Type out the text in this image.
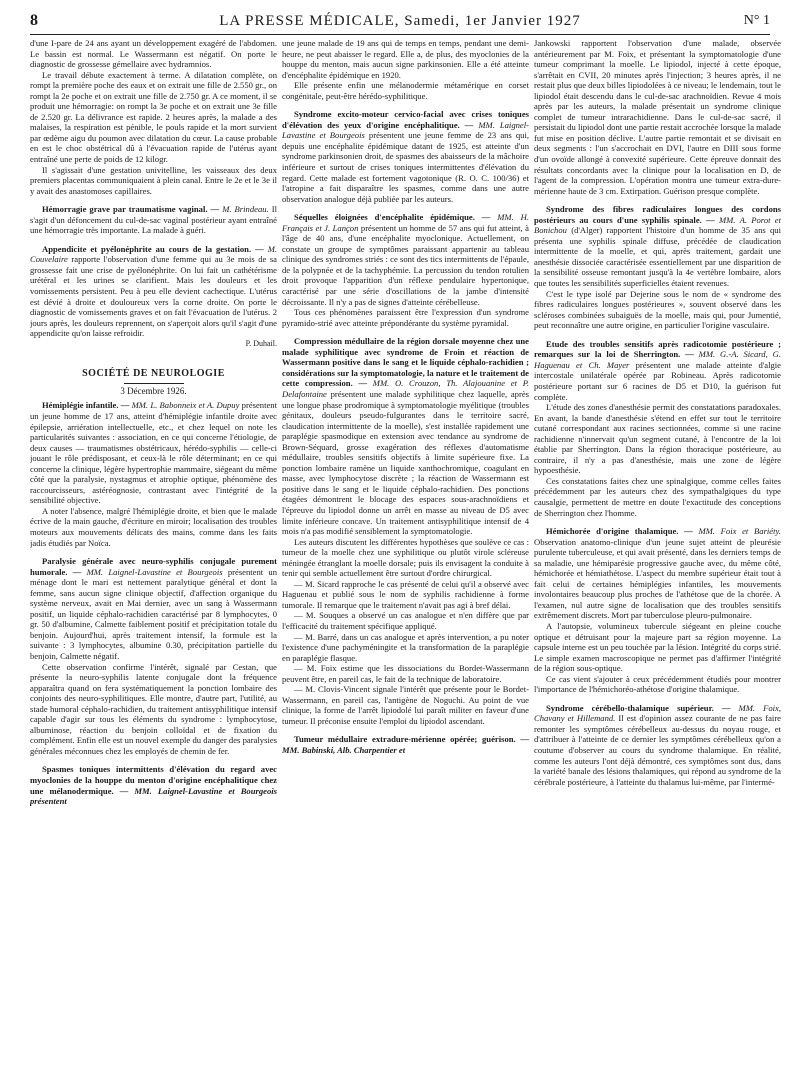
8	LA PRESSE MÉDICALE, Samedi, 1er Janvier 1927	N° 1

d'une I-pare de 24 ans ayant un développement exagéré de l'abdomen. Le bassin est normal. Le Wassermann est négatif. On porte le diagnostic de grossesse gémellaire avec hydramnios.

Le travail débute exactement à terme. A dilatation complète, on rompt la première poche des eaux et on extrait une fille de 2.550 gr., on rompt la 2e poche et on extrait une fille de 2.750 gr. A ce moment, il se produit une hémorragie: on rompt la 3e poche et on extrait une 3e fille de 2.520 gr. La délivrance est rapide. 2 heures après, la malade a des malaises, la respiration est pénible, le pouls rapide et la mort survient par œdème aigu du poumon avec dilatation du cœur. La cause probable en est le choc obstétrical dû à l'évacuation rapide de l'utérus ayant entraîné une perte de poids de 12 kilogr.

Il s'agissait d'une gestation univitelline, les vaisseaux des deux premiers placentas communiquaient à plein canal. Entre le 2e et le 3e il y avait des anastomoses capillaires.

Hémorragie grave par traumatisme vaginal. — M. Brindeau. Il s'agit d'un défoncement du cul-de-sac vaginal postérieur ayant entraîné une hémorragie très importante. La malade à guéri.

Appendicite et pyélonéphrite au cours de la gestation. — M. Couvelaire rapporte l'observation d'une femme qui au 3e mois de sa grossesse fait une crise de pyélonéphrite. On lui fait un cathétérisme urétéral et les urines se clarifient. Mais les douleurs et les vomissements persistent. Peu à peu elle devient cachectique. L'utérus est dévié à droite et douloureux vers la corne droite. On porte le diagnostic de vomissements graves et on fait l'évacuation de l'utérus. 2 jours après, les douleurs reprennent, on s'aperçoit alors qu'il s'agit d'une appendicite qu'on laisse refroidir.

P. Duhail.
SOCIÉTÉ DE NEUROLOGIE
3 Décembre 1926.

Hémiplégie infantile. — MM. L. Babonneix et A. Dupuy présentent un jeune homme de 17 ans, atteint d'hémiplégie infantile droite avec épilepsie, arriération intellectuelle, etc., et chez lequel on note les particularités suivantes : association, en ce qui concerne l'étiologie, de deux causes — traumatismes obstétricaux, hérédo-syphilis — celle-ci jouant le rôle prédisposant, et ceux-là le rôle déterminant; en ce qui concerne la clinique, légère hypertrophie mammaire, siégeant du même côté que la paralysie, nystagmus et atrophie optique, phénomène des raccourcisseurs, astéréognosie, contrastant avec l'intégrité de la sensibilité objective.

A noter l'absence, malgré l'hémiplégie droite, et bien que le malade écrive de la main gauche, d'écriture en miroir; localisation des troubles moteurs aux mouvements délicats des mains, comme dans les faits jadis étudiés par Noïca.

Paralysie générale avec neuro-syphilis conjugale purement humorale. — MM. Laignel-Lavastine et Bourgeois présentent un ménage dont le mari est nettement paralytique général et dont la femme, sans aucun signe clinique objectif, d'affection organique du système nerveux, avait en Mai dernier, avec un sang à Wassermann positif, un liquide céphalo-rachidien caractérisé par 8 lymphocytes, 0 gr. 50 d'albumine, Calmette faiblement positif et précipitation totale du benjoin. Aujourd'hui, après traitement intensif, la formule est la suivante : 3 lymphocytes, albumine 0.30, précipitation partielle du benjoin, Calmette négatif.

Cette observation confirme l'intérêt, signalé par Cestan, que présente la neuro-syphilis latente conjugale dont la fréquence apparaîtra quand on fera systématiquement la ponction lombaire des conjoints des neuro-syphilitiques. Elle montre, d'autre part, l'utilité, au stade humoral céphalo-rachidien, du traitement antisyphilitique intensif capable d'agir sur tous les éléments du syndrome : lymphocytose, albuminose, réaction du benjoin colloïdal et de fixation du complément. Enfin elle est un nouvel exemple du danger des paralysies générales méconnues chez les employés de chemin de fer.

Spasmes toniques intermittents d'élévation du regard avec myoclonies de la houppe du menton d'origine encéphalitique chez une mélanodermique. — MM. Laignel-Lavastine et Bourgeois présentent

une jeune malade de 19 ans qui de temps en temps, pendant une demi-heure, ne peut abaisser le regard. Elle a, de plus, des myoclonies de la houppe du menton, mais aucun signe parkinsonien. Elle a été atteinte d'encéphalite épidémique en 1920.

Elle présente enfin une mélanodermie métamérique en corset congénitale, peut-être hérédo-syphilitique.

Syndrome excito-moteur cervico-facial avec crises toniques d'élévation des yeux d'origine encéphalitique. — MM. Laignel-Lavastine et Bourgeois présentent une jeune femme de 23 ans qui, depuis une encéphalite épidémique datant de 1925, est atteinte d'un syndrome parkinsonien droit, de spasmes des abaisseurs de la mâchoire inférieure et surtout de crises toniques intermittentes d'élévation du regard. Cette malade est fortement vagotonique (R. O. C. 100/36) et l'atropine a fait disparaître les spasmes, comme dans une autre observation analogue déjà publiée par les auteurs.

Séquelles éloignées d'encéphalite épidémique. — MM. H. Français et J. Lançon présentent un homme de 57 ans qui fut atteint, à l'âge de 40 ans, d'une encéphalite myoclonique. Actuellement, on constate un groupe de symptômes paraissant appartenir au tableau clinique des syndromes striés : ce sont des tics intermittents de l'épaule, de la polypnée et de la tachyphémie. La percussion du tendon rotulien droit provoque l'apparition d'un réflexe pendulaire hypertonique, caractérisé par une série d'oscillations de la jambe d'intensité décroissante. Il n'y a pas de signes d'atteinte cérébelleuse.

Tous ces phénomènes paraissent être l'expression d'un syndrome pyramido-strié avec atteinte prépondérante du système pyramidal.

Compression médullaire de la région dorsale moyenne chez une malade syphilitique avec syndrome de Froin et réaction de Wassermann positive dans le sang et le liquide céphalo-rachidien ; considérations sur la symptomatologie, la nature et le traitement de cette compression. — MM. O. Crouzon, Th. Alajouanine et P. Delafontaine présentent une malade syphilitique chez laquelle, après une longue phase prodromique à symptomatologie myélitique (troubles génitaux, douleurs pseudo-fulgurantes dans le territoire sacré, claudication intermittente de la moelle), s'est installée rapidement une paraplégie spasmodique en extension avec tendance au syndrome de Brown-Séquard, grosse exagération des réflexes d'automatisme médullaire, troubles sensitifs objectifs à limite supérieure fixe. La ponction lombaire ramène un liquide xanthochromique, coagulant en masse, avec lymphocytose discrète ; la réaction de Wassermann est positive dans le sang et le liquide céphalo-rachidien. Des ponctions étagées démontrent le blocage des espaces sous-arachnoïdiens et l'épreuve du lipiodol donne un arrêt en masse au niveau de D5 avec limite inférieure concave. Un traitement antisyphilitique intensif de 4 mois n'a pas modifié sensiblement la symptomatologie.

Les auteurs discutent les différentes hypothèses que soulève ce cas : tumeur de la moelle chez une syphilitique ou plutôt virole scléreuse méningée étranglant la moelle dorsale; puis ils envisagent la conduite à tenir qui semble actuellement être surtout d'ordre chirurgical.

— M. Sicard rapproche le cas présenté de celui qu'il a observé avec Haguenau et publié sous le nom de syphilis rachidienne à forme tumorale. Il remarque que le traitement n'avait pas agi à bref délai.

— M. Souques a observé un cas analogue et n'en diffère que par l'efficacité du traitement spécifique appliqué.

— M. Barré, dans un cas analogue et après intervention, a pu noter l'existence d'une pachyméningite et la transformation de la paraplégie en paraplégie flasque.

— M. Foix estime que les dissociations du Bordet-Wassermann peuvent être, en pareil cas, le fait de la technique de laboratoire.

— M. Clovis-Vincent signale l'intérêt que présente pour le Bordet-Wassermann, en pareil cas, l'antigène de Noguchi. Au point de vue clinique, la forme de l'arrêt lipiodolé lui paraît militer en faveur d'une tumeur. Il préconise ensuite l'emploi du lipiodol ascendant.

Tumeur médullaire extradure-mérienne opérée; guérison. — MM. Babinski, Alb. Charpentier et

Jankowski rapportent l'observation d'une malade, observée antérieurement par M. Foix, et présentant la symptomatologie d'une tumeur comprimant la moelle. Le lipiodol, injecté à cette époque, s'arrêtait en CVII, 20 minutes après l'injection; 3 heures après, il ne restait plus que deux billes lipiodolées à ce niveau; le lendemain, tout le lipiodol était descendu dans le cul-de-sac arachnoïdien. Revue 4 mois après par les auteurs, la malade présentait un syndrome clinique complet de tumeur intrarachidienne. Dans le cul-de-sac sacré, il persistait du lipiodol dont une partie restait accrochée lorsque la malade fut mise en position déclive. L'autre partie remontait et se divisait en deux segments : l'un s'accrochait en DVI, l'autre en DIII sous forme d'un ovoïde allongé à convexité supérieure. Cette épreuve donnait des résultats concordants avec la clinique pour la localisation en D, de l'agent de la compression. L'opération montra une tumeur extra-dure-mérienne haute de 3 cm. Extirpation. Guérison presque complète.

Syndrome des fibres radiculaires longues des cordons postérieurs au cours d'une syphilis spinale. — MM. A. Porot et Bonichou (d'Alger) rapportent l'histoire d'un homme de 35 ans qui présenta une syphilis spinale diffuse, précédée de claudication intermittente de la moelle, et qui, après traitement, gardait une anesthésie dissociée caractérisée essentiellement par une disparition de la sensibilité osseuse remontant jusqu'à la 4e vertèbre lombaire, alors que toutes les sensibilités superficielles étaient revenues.

C'est le type isolé par Dejerine sous le nom de « syndrome des fibres radiculaires longues postérieures », souvent observé dans les scléroses combinées subaiguës de la moelle, mais qui, pour Jumentié, peut reconnaître une autre origine, en particulier l'origine vasculaire.

Etude des troubles sensitifs après radicotomie postérieure ; remarques sur la loi de Sherrington. — MM. G.-A. Sicard, G. Haguenau et Ch. Mayer présentent une malade atteinte d'algie intercostale unilatérale opérée par Robineau. Après radicotomie postérieure portant sur 6 racines de D5 et D10, la guérison fut complète.

L'étude des zones d'anesthésie permit des constatations paradoxales. En avant, la bande d'anesthésie s'étend en effet sur tout le territoire cutané correspondant aux racines sectionnées, comme si une racine rachidienne n'innervait qu'un segment cutané, à l'encontre de la loi établie par Sherrington. Dans la région thoracique postérieure, au contraire, il n'y a pas d'anesthésie, mais une zone de légère hypoesthésie.

Ces constatations faites chez une spinalgique, comme celles faites précédemment par les auteurs chez des sympathalgiques du type causalgie, permettent de mettre en doute l'exactitude des conceptions de Sherrington chez l'homme.

Hémichorée d'origine thalamique. — MM. Foix et Bariéty. Observation anatomo-clinique d'un jeune sujet atteint de pleurésie purulente tuberculeuse, et qui avait présenté, dans les derniers temps de sa maladie, une hémiparésie progressive gauche avec, du même côté, hémichorée et hémiathétose. L'aspect du membre supérieur était tout à fait celui de certaines hémiplégies infantiles, les mouvements involontaires beaucoup plus proches de l'athétose que de la chorée. A l'examen, nul autre signe de localisation que des troubles sensitifs extrêmement discrets. Mort par tuberculose pleuro-pulmonaire.

A l'autopsie, volumineux tubercule siégeant en pleine couche optique et détruisant pour la majeure part sa région moyenne. La capsule interne est un peu touchée par la lésion. Intégrité du corps strié. Le simple examen macroscopique ne permet pas d'affirmer l'intégrité de la région sous-optique.

Ce cas vient s'ajouter à ceux précédemment étudiés pour montrer l'importance de l'hémichoréo-athétose d'origine thalamique.

Syndrome cérébello-thalamique supérieur. — MM. Foix, Chavany et Hillemand. Il est d'opinion assez courante de ne pas faire remonter les symptômes cérébelleux au-dessus du noyau rouge, et d'attribuer à l'atteinte de ce dernier les symptômes cérébelleux qu'on a coutume d'observer au cours du syndrome thalamique. En réalité, comme les auteurs l'ont déjà démontré, ces symptômes sont dus, dans la variété banale des lésions thalamiques, qui répond au syndrome de la cérébrale postérieure, à l'atteinte du thalamus lui-même, par l'intermé-
